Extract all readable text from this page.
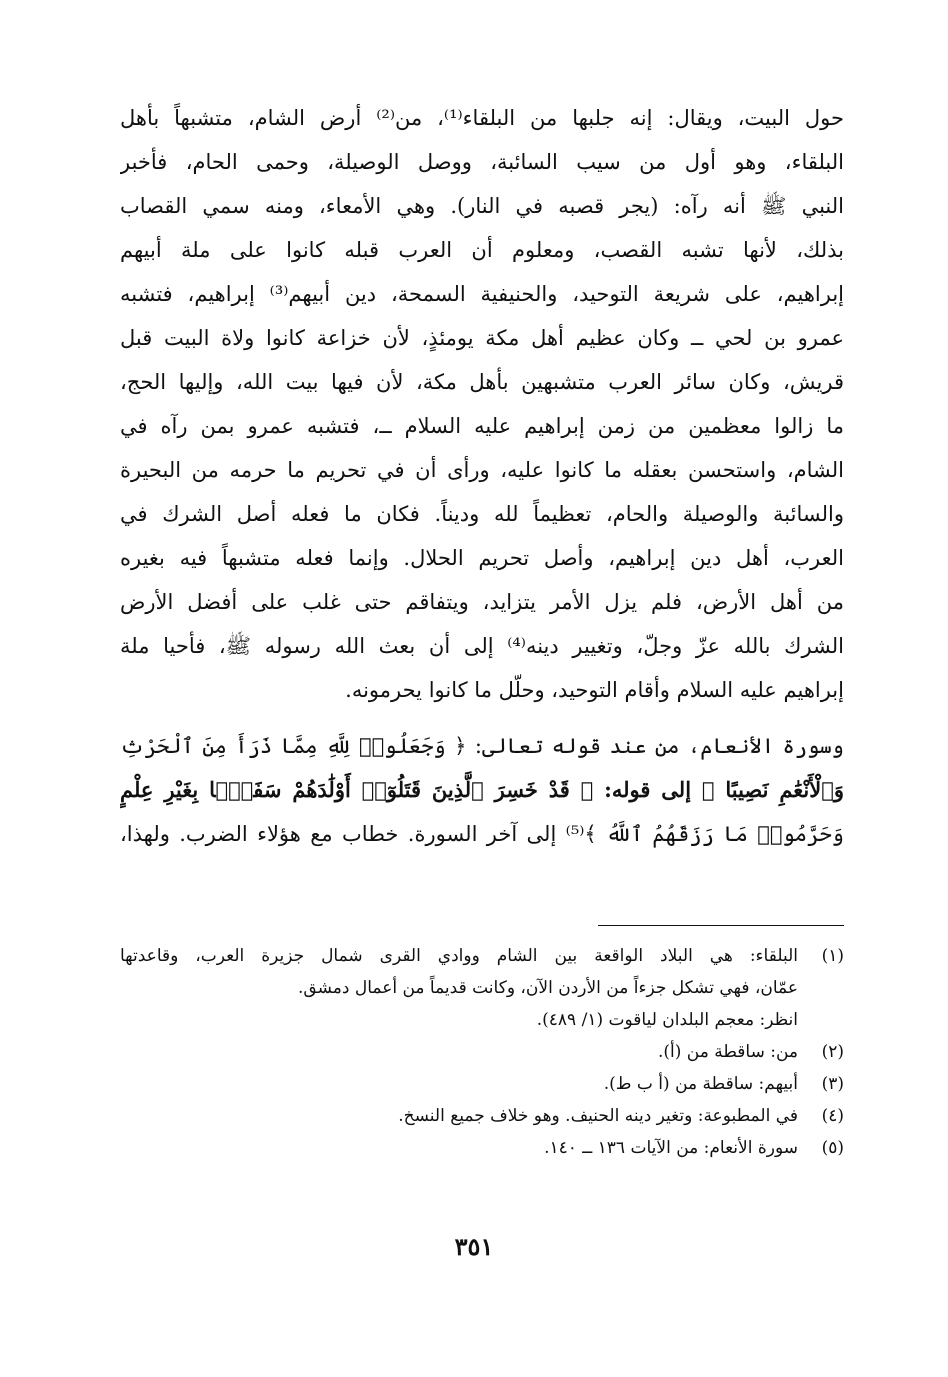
حول البيت، ويقال: إنه جلبها من البلقاء⁽¹⁾، من⁽²⁾ أرض الشام، متشبهاً بأهل
البلقاء، وهو أول من سيب السائبة، ووصل الوصيلة، وحمى الحام، فأخبر
النبي ﷺ أنه رآه: (يجر قصبه في النار). وهي الأمعاء، ومنه سمي القصاب
بذلك، لأنها تشبه القصب، ومعلوم أن العرب قبله كانوا على ملة أبيهم
إبراهيم، على شريعة التوحيد، والحنيفية السمحة، دين أبيهم⁽³⁾ إبراهيم، فتشبه
عمرو بن لحي ــ وكان عظيم أهل مكة يومئذٍ، لأن خزاعة كانوا ولاة البيت قبل
قريش، وكان سائر العرب متشبهين بأهل مكة، لأن فيها بيت الله، وإليها الحج،
ما زالوا معظمين من زمن إبراهيم عليه السلام ــ، فتشبه عمرو بمن رآه في
الشام، واستحسن بعقله ما كانوا عليه، ورأى أن في تحريم ما حرمه من البحيرة
والسائبة والوصيلة والحام، تعظيماً لله وديناً. فكان ما فعله أصل الشرك في
العرب، أهل دين إبراهيم، وأصل تحريم الحلال. وإنما فعله متشبهاً فيه بغيره
من أهل الأرض، فلم يزل الأمر يتزايد، ويتفاقم حتى غلب على أفضل الأرض
الشرك بالله عزّ وجلّ، وتغيير دينه⁽⁴⁾ إلى أن بعث الله رسوله ﷺ، فأحيا ملة
إبراهيم عليه السلام وأقام التوحيد، وحلّل ما كانوا يحرمونه.
وسورة الأنعام، من عند قوله تعالى: ﴿ وَجَعَلُوا۟ لِلَّهِ مِمَّا ذَرَأَ مِنَ ٱلْحَرْثِ
وَٱلْأَنْعَٰمِ نَصِيبًا ﴾ إلى قوله: ﴿ قَدْ خَسِرَ ٱلَّذِينَ قَتَلُوٓا۟ أَوْلَٰدَهُمْ سَفَهًۢا بِغَيْرِ عِلْمٍ
وَحَرَّمُوا۟ مَا رَزَقَهُمُ ٱللَّهُ ﴾⁽⁵⁾ إلى آخر السورة. خطاب مع هؤلاء الضرب. ولهذا،
(١)
البلقاء: هي البلاد الواقعة بين الشام ووادي القرى شمال جزيرة العرب، وقاعدتها
عمّان، فهي تشكل جزءاً من الأردن الآن، وكانت قديماً من أعمال دمشق.
انظر: معجم البلدان لياقوت (١/ ٤٨٩).
(٢)
من: ساقطة من (أ).
(٣)
أبيهم: ساقطة من (أ ب ط).
(٤)
في المطبوعة: وتغير دينه الحنيف. وهو خلاف جميع النسخ.
(٥)
سورة الأنعام: من الآيات ١٣٦ ــ ١٤٠.
٣٥١
